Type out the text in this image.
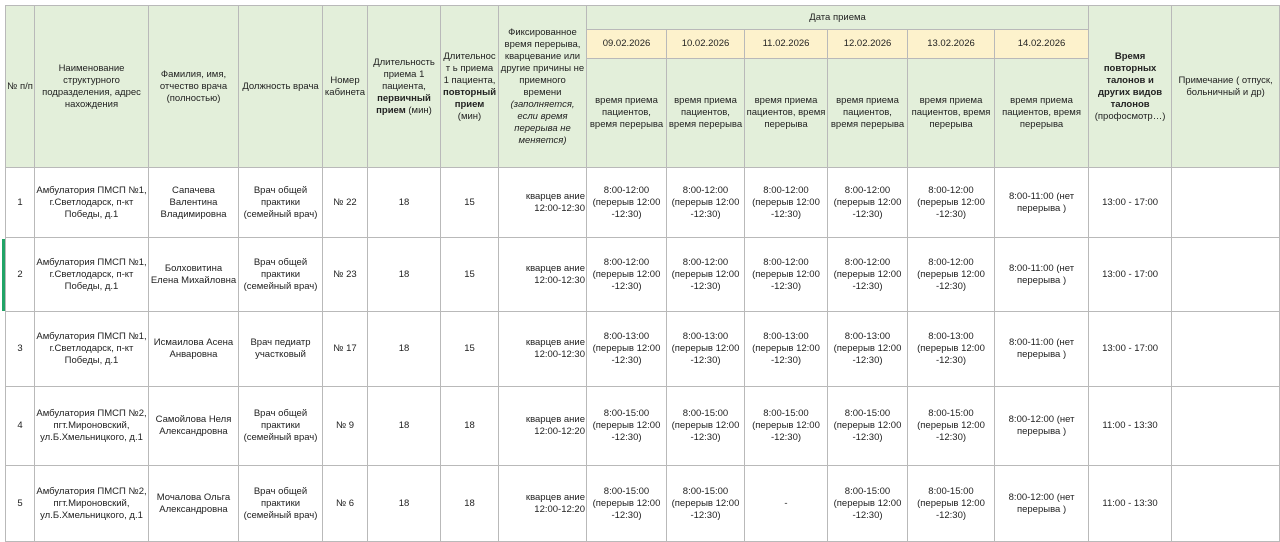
№ п/п	Наименование структурного подразделения, адрес нахождения	Фамилия, имя, отчество врача (полностью)	Должность врача	Номер кабинета	Длительность приема 1 пациента, первичный прием (мин)	Длительност ь приема 1 пациента, повторный прием (мин)	Фиксированное время перерыва, кварцевание или другие причины не приемного времени (заполняется, если время перерыва не меняется)	Дата приема						Время повторных талонов и других видов талонов (профосмотр…)	Примечание ( отпуск, больничный и др)
								09.02.2026	10.02.2026	11.02.2026	12.02.2026	13.02.2026	14.02.2026		
								время приема пациентов, время перерыва	время приема пациентов, время перерыва	время приема пациентов, время перерыва	время приема пациентов, время перерыва	время приема пациентов, время перерыва	время приема пациентов, время перерыва		
1	Амбулатория ПМСП №1, г.Светлодарск, п-кт Победы, д.1	Сапачева Валентина Владимировна	Врач общей практики (семейный врач)	№ 22	18	15	кварцев ание 12:00-12:30	8:00-12:00 (перерыв 12:00 -12:30)	8:00-12:00 (перерыв 12:00 -12:30)	8:00-12:00 (перерыв 12:00 -12:30)	8:00-12:00 (перерыв 12:00 -12:30)	8:00-12:00 (перерыв 12:00 -12:30)	8:00-11:00 (нет перерыва )	13:00 - 17:00	
2	Амбулатория ПМСП №1, г.Светлодарск, п-кт Победы, д.1	Болховитина Елена Михайловна	Врач общей практики (семейный врач)	№ 23	18	15	кварцев ание 12:00-12:30	8:00-12:00 (перерыв 12:00 -12:30)	8:00-12:00 (перерыв 12:00 -12:30)	8:00-12:00 (перерыв 12:00 -12:30)	8:00-12:00 (перерыв 12:00 -12:30)	8:00-12:00 (перерыв 12:00 -12:30)	8:00-11:00 (нет перерыва )	13:00 - 17:00	
3	Амбулатория ПМСП №1, г.Светлодарск, п-кт Победы, д.1	Исмаилова Асена Анваровна	Врач педиатр участковый	№ 17	18	15	кварцев ание 12:00-12:30	8:00-13:00 (перерыв 12:00 -12:30)	8:00-13:00 (перерыв 12:00 -12:30)	8:00-13:00 (перерыв 12:00 -12:30)	8:00-13:00 (перерыв 12:00 -12:30)	8:00-13:00 (перерыв 12:00 -12:30)	8:00-11:00 (нет перерыва )	13:00 - 17:00	
4	Амбулатория ПМСП №2, пгт.Мироновский, ул.Б.Хмельницкого, д.1	Самойлова Неля Александровна	Врач общей практики (семейный врач)	№ 9	18	18	кварцев ание 12:00-12:20	8:00-15:00 (перерыв 12:00 -12:30)	8:00-15:00 (перерыв 12:00 -12:30)	8:00-15:00 (перерыв 12:00 -12:30)	8:00-15:00 (перерыв 12:00 -12:30)	8:00-15:00 (перерыв 12:00 -12:30)	8:00-12:00 (нет перерыва )	11:00 - 13:30	
5	Амбулатория ПМСП №2, пгт.Мироновский, ул.Б.Хмельницкого, д.1	Мочалова Ольга Александровна	Врач общей практики (семейный врач)	№ 6	18	18	кварцев ание 12:00-12:20	8:00-15:00 (перерыв 12:00 -12:30)	8:00-15:00 (перерыв 12:00 -12:30)	-	8:00-15:00 (перерыв 12:00 -12:30)	8:00-15:00 (перерыв 12:00 -12:30)	8:00-12:00 (нет перерыва )	11:00 - 13:30	
